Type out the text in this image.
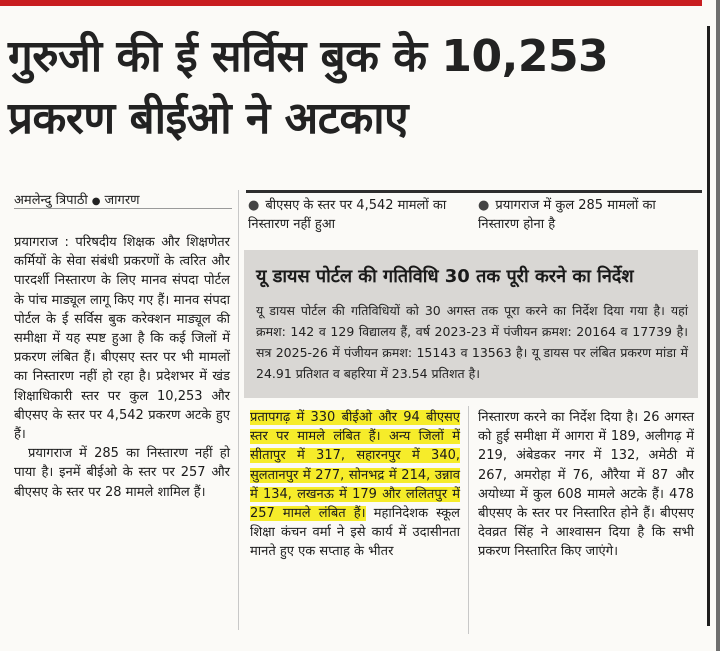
गुरुजी की ई सर्विस बुक के 10,253
प्रकरण बीईओ ने अटकाए
अमलेन्दु त्रिपाठी ● जागरण

प्रयागराज : परिषदीय शिक्षक और शिक्षणेतर कर्मियों के सेवा संबंधी प्रकरणों के त्वरित और पारदर्शी निस्तारण के लिए मानव संपदा पोर्टल के पांच माड्यूल लागू किए गए हैं। मानव संपदा पोर्टल के ई सर्विस बुक करेक्शन माड्यूल की समीक्षा में यह स्पष्ट हुआ है कि कई जिलों में प्रकरण लंबित हैं। बीएसए स्तर पर भी मामलों का निस्तारण नहीं हो रहा है। प्रदेशभर में खंड शिक्षाधिकारी स्तर पर कुल 10,253 और बीएसए के स्तर पर 4,542 प्रकरण अटके हुए हैं।

प्रयागराज में 285 का निस्तारण नहीं हो पाया है। इनमें बीईओ के स्तर पर 257 और बीएसए के स्तर पर 28 मामले शामिल हैं।

● बीएसए के स्तर पर 4,542 मामलों का निस्तारण नहीं हुआ
● प्रयागराज में कुल 285 मामलों का निस्तारण होना है
यू डायस पोर्टल की गतिविधि 30 तक पूरी करने का निर्देश
यू डायस पोर्टल की गतिविधियों को 30 अगस्त तक पूरा करने का निर्देश दिया गया है। यहां क्रमश: 142 व 129 विद्यालय हैं, वर्ष 2023-23 में पंजीयन क्रमश: 20164 व 17739 है। सत्र 2025-26 में पंजीयन क्रमश: 15143 व 13563 है। यू डायस पर लंबित प्रकरण मांडा में 24.91 प्रतिशत व बहरिया में 23.54 प्रतिशत है।
प्रतापगढ़ में 330 बीईओ और 94 बीएसए स्तर पर मामले लंबित हैं। अन्य जिलों में सीतापुर में 317, सहारनपुर में 340, सुलतानपुर में 277, सोनभद्र में 214, उन्नाव में 134, लखनऊ में 179 और ललितपुर में 257 मामले लंबित हैं। महानिदेशक स्कूल शिक्षा कंचन वर्मा ने इसे कार्य में उदासीनता मानते हुए एक सप्ताह के भीतर
निस्तारण करने का निर्देश दिया है। 26 अगस्त को हुई समीक्षा में आगरा में 189, अलीगढ़ में 219, अंबेडकर नगर में 132, अमेठी में 267, अमरोहा में 76, औरैया में 87 और अयोध्या में कुल 608 मामले अटके हैं। 478 बीएसए के स्तर पर निस्तारित होने हैं। बीएसए देवव्रत सिंह ने आश्वासन दिया है कि सभी प्रकरण निस्तारित किए जाएंगे।
